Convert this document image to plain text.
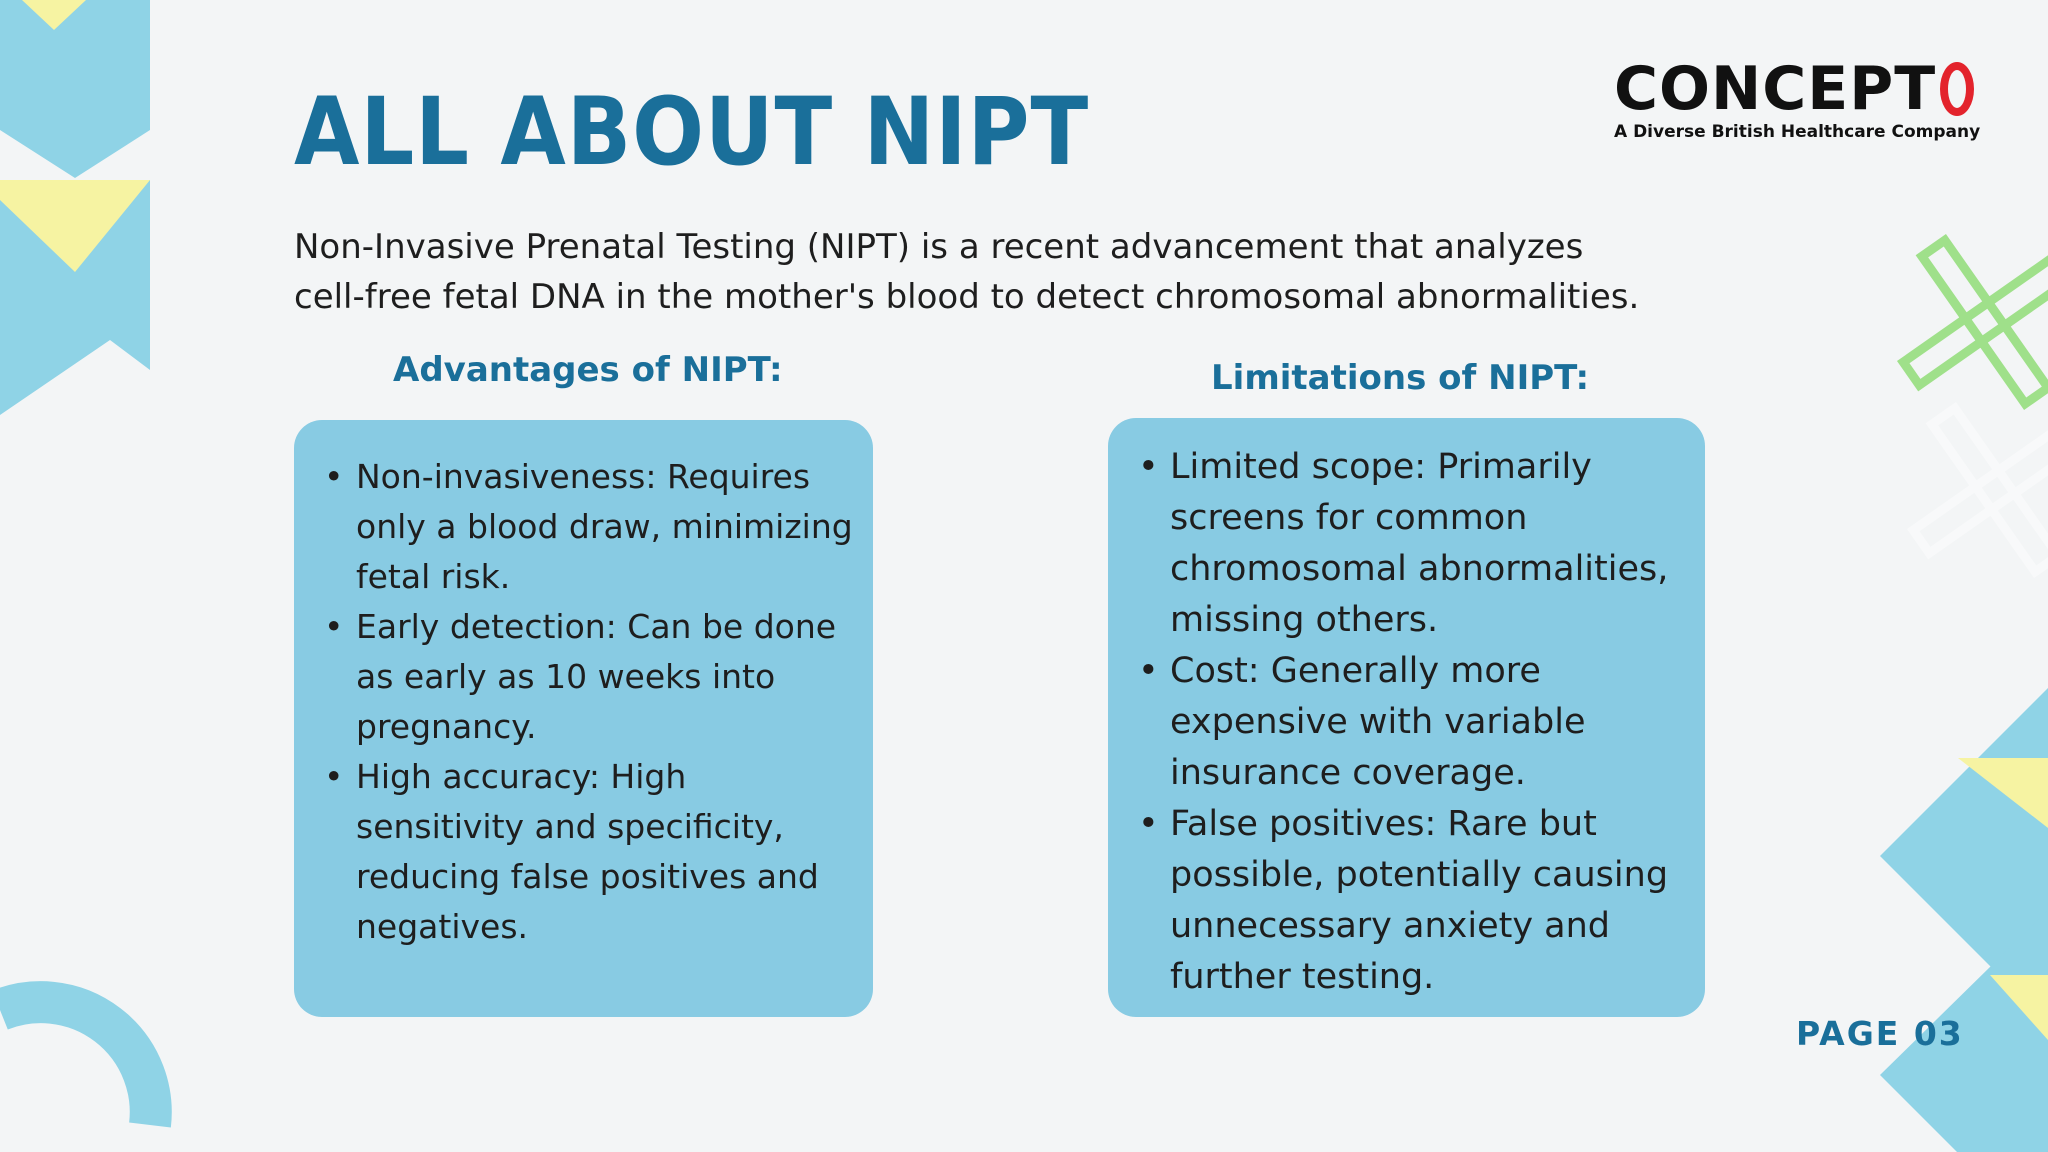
ALL ABOUT NIPT	CONCEPT
A Diverse British Healthcare Company

Non-Invasive Prenatal Testing (NIPT) is a recent advancement that analyzes
cell-free fetal DNA in the mother's blood to detect chromosomal abnormalities.

Advantages of NIPT:	Limitations of NIPT:
• Non-invasiveness: Requires only a blood draw, minimizing fetal risk.
• Early detection: Can be done as early as 10 weeks into pregnancy.
• High accuracy: High sensitivity and specificity, reducing false positives and negatives.
• Limited scope: Primarily screens for common chromosomal abnormalities, missing others.
• Cost: Generally more expensive with variable insurance coverage.
• False positives: Rare but possible, potentially causing unnecessary anxiety and further testing.

PAGE 03
